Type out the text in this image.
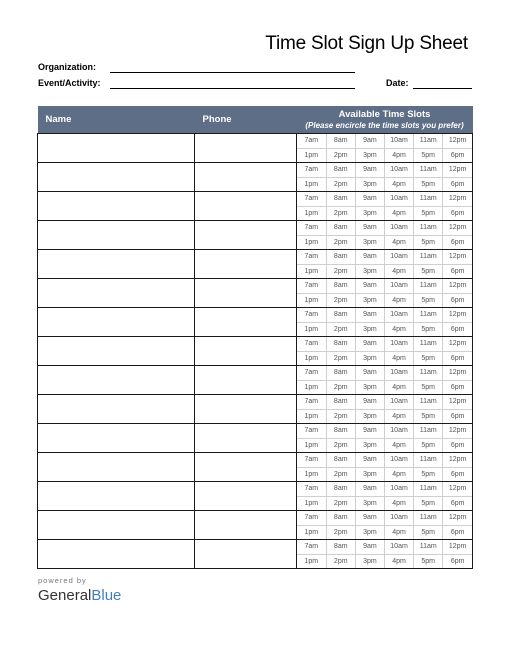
Time Slot Sign Up Sheet
Organization:
Event/Activity:	Date:
Name	Phone	Available Time Slots
(Please encircle the time slots you prefer)

7am	8am	9am	10am	11am	12pm
1pm	2pm	3pm	4pm	5pm	6pm

7am	8am	9am	10am	11am	12pm
1pm	2pm	3pm	4pm	5pm	6pm

7am	8am	9am	10am	11am	12pm
1pm	2pm	3pm	4pm	5pm	6pm

7am	8am	9am	10am	11am	12pm
1pm	2pm	3pm	4pm	5pm	6pm

7am	8am	9am	10am	11am	12pm
1pm	2pm	3pm	4pm	5pm	6pm

7am	8am	9am	10am	11am	12pm
1pm	2pm	3pm	4pm	5pm	6pm

7am	8am	9am	10am	11am	12pm
1pm	2pm	3pm	4pm	5pm	6pm

7am	8am	9am	10am	11am	12pm
1pm	2pm	3pm	4pm	5pm	6pm

7am	8am	9am	10am	11am	12pm
1pm	2pm	3pm	4pm	5pm	6pm

7am	8am	9am	10am	11am	12pm
1pm	2pm	3pm	4pm	5pm	6pm

7am	8am	9am	10am	11am	12pm
1pm	2pm	3pm	4pm	5pm	6pm

7am	8am	9am	10am	11am	12pm
1pm	2pm	3pm	4pm	5pm	6pm

7am	8am	9am	10am	11am	12pm
1pm	2pm	3pm	4pm	5pm	6pm

7am	8am	9am	10am	11am	12pm
1pm	2pm	3pm	4pm	5pm	6pm

7am	8am	9am	10am	11am	12pm
1pm	2pm	3pm	4pm	5pm	6pm
powered by
GeneralBlue
